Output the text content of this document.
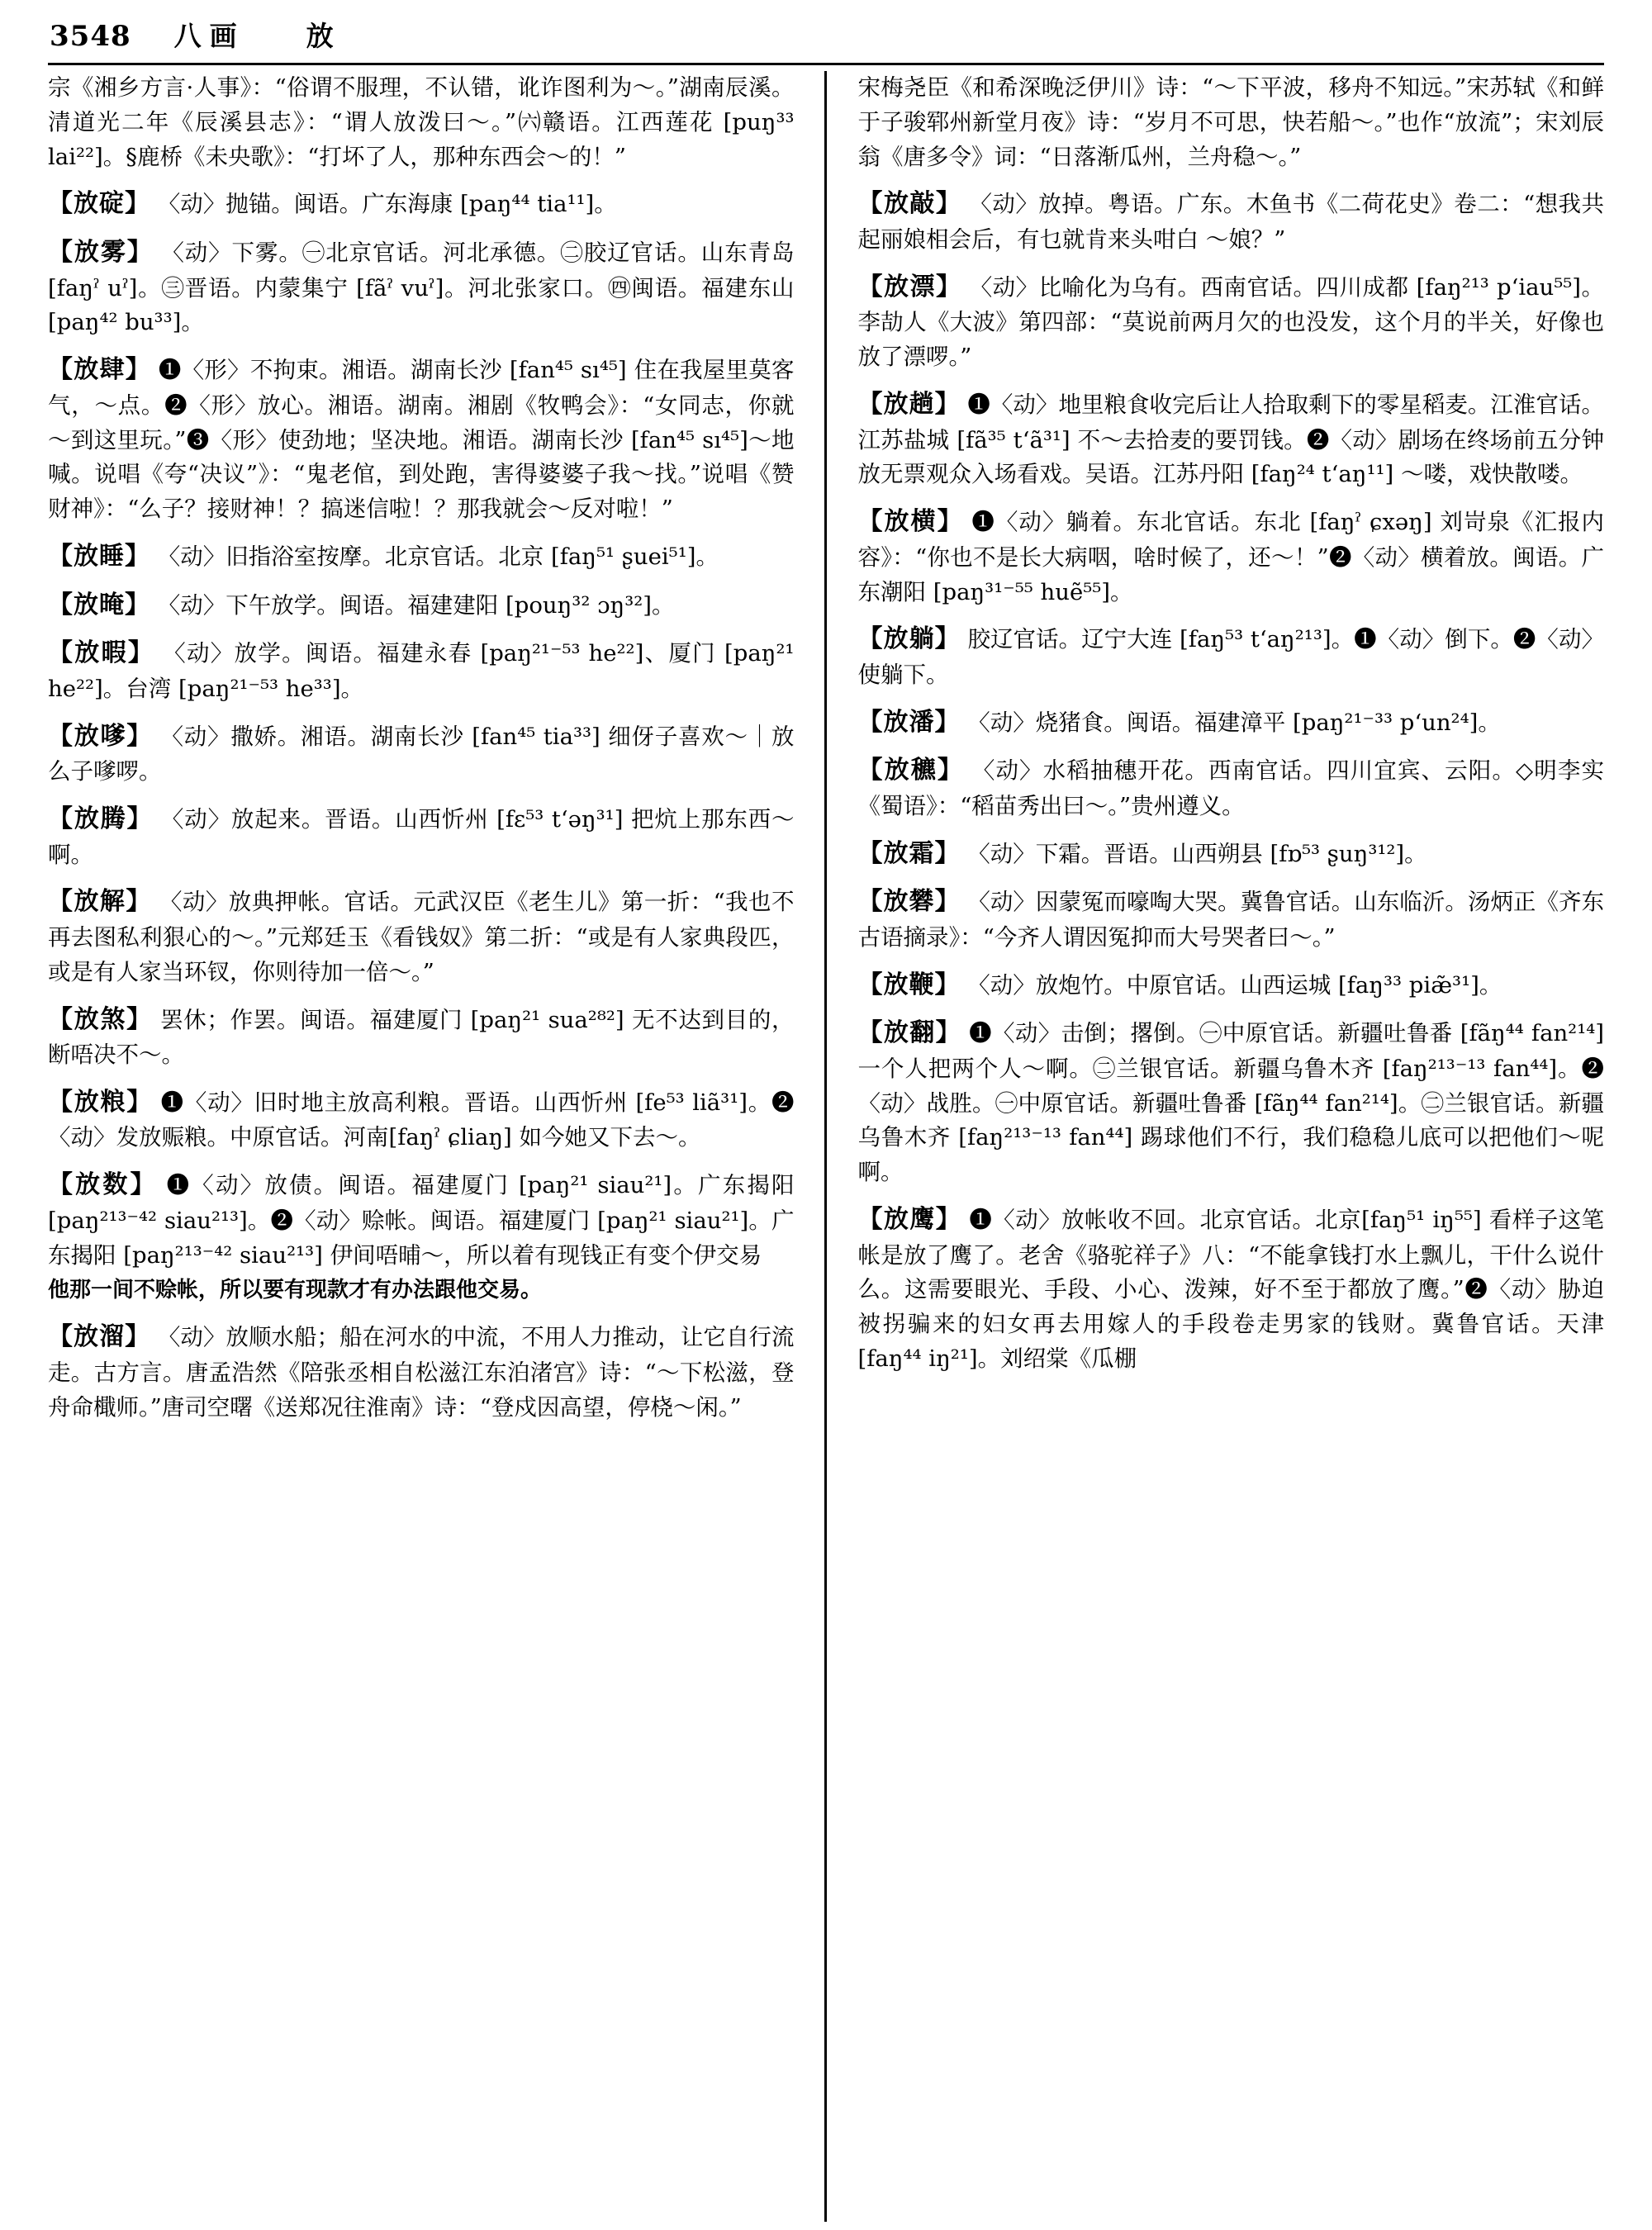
3548 八画 放

宗《湘乡方言·人事》：“俗谓不服理，不认错，讹诈图利为～。”湖南辰溪。清道光二年《辰溪县志》：“谓人放泼曰～。”㈥赣语。江西莲花 [puŋ³³ lai²²]。§鹿桥《未央歌》：“打坏了人，那种东西会～的！”

【放碇】 〈动〉抛锚。闽语。广东海康 [paŋ⁴⁴ tia¹¹]。

【放雾】 〈动〉下雾。㊀北京官话。河北承德。㊁胶辽官话。山东青岛 [faŋˀ uˀ]。㊂晋语。内蒙集宁 [fãˀ vuˀ]。河北张家口。㊃闽语。福建东山 [paŋ⁴² bu³³]。

【放肆】 ❶〈形〉不拘束。湘语。湖南长沙 [fan⁴⁵ sı⁴⁵] 住在我屋里莫客气，～点。❷〈形〉放心。湘语。湖南。湘剧《牧鸭会》：“女同志，你就～到这里玩。”❸〈形〉使劲地；坚决地。湘语。湖南长沙 [fan⁴⁵ sı⁴⁵]～地喊。说唱《夸“决议”》：“鬼老倌，到处跑，害得婆婆子我～找。”说唱《赞财神》：“么子？接财神！？搞迷信啦！？那我就会～反对啦！”

【放睡】 〈动〉旧指浴室按摩。北京官话。北京 [faŋ⁵¹ ʂuei⁵¹]。

【放晻】 〈动〉下午放学。闽语。福建建阳 [pouŋ³² ɔŋ³²]。

【放暇】 〈动〉放学。闽语。福建永春 [paŋ²¹⁻⁵³ he²²]、厦门 [paŋ²¹ he²²]。台湾 [paŋ²¹⁻⁵³ he³³]。

【放嗲】 〈动〉撒娇。湘语。湖南长沙 [fan⁴⁵ tia³³] 细伢子喜欢～｜放么子嗲啰。

【放腾】 〈动〉放起来。晋语。山西忻州 [fɛ⁵³ tʻəŋ³¹] 把炕上那东西～啊。

【放解】 〈动〉放典押帐。官话。元武汉臣《老生儿》第一折：“我也不再去图私利狠心的～。”元郑廷玉《看钱奴》第二折：“或是有人家典段匹，或是有人家当环钗，你则待加一倍～。”

【放煞】 罢休；作罢。闽语。福建厦门 [paŋ²¹ sua²⁸²] 无不达到目的，断唔决不～。

【放粮】 ❶〈动〉旧时地主放高利粮。晋语。山西忻州 [fe⁵³ liã³¹]。❷〈动〉发放赈粮。中原官话。河南[faŋˀ ɕliaŋ] 如今她又下去～。

【放数】 ❶〈动〉放债。闽语。福建厦门 [paŋ²¹ siau²¹]。广东揭阳 [paŋ²¹³⁻⁴² siau²¹³]。❷〈动〉赊帐。闽语。福建厦门 [paŋ²¹ siau²¹]。广东揭阳 [paŋ²¹³⁻⁴² siau²¹³] 伊间唔晡～，所以着有现钱正有变个伊交易
他那一间不赊帐，所以要有现款才有办法跟他交易。

【放溜】 〈动〉放顺水船；船在河水的中流，不用人力推动，让它自行流走。古方言。唐孟浩然《陪张丞相自松滋江东泊渚宫》诗：“～下松滋，登舟命檝师。”唐司空曙《送郑况往淮南》诗：“登戍因高望，停桡～闲。”

宋梅尧臣《和希深晚泛伊川》诗：“～下平波，移舟不知远。”宋苏轼《和鲜于子骏郓州新堂月夜》诗：“岁月不可思，快若船～。”也作“放流”；宋刘辰翁《唐多令》词：“日落渐瓜州，兰舟稳～。”

【放敲】 〈动〉放掉。粤语。广东。木鱼书《二荷花史》卷二：“想我共起丽娘相会后，有乜就肯来头咁白 ～娘？”

【放漂】 〈动〉比喻化为乌有。西南官话。四川成都 [faŋ²¹³ pʻiau⁵⁵]。李劼人《大波》第四部：“莫说前两月欠的也没发，这个月的半关，好像也放了漂啰。”

【放趟】 ❶〈动〉地里粮食收完后让人拾取剩下的零星稻麦。江淮官话。江苏盐城 [fã³⁵ tʻã³¹] 不～去拾麦的要罚钱。❷〈动〉剧场在终场前五分钟放无票观众入场看戏。吴语。江苏丹阳 [faŋ²⁴ tʻaŋ¹¹] ～喽，戏快散喽。

【放横】 ❶〈动〉躺着。东北官话。东北 [faŋˀ ɕxəŋ] 刘岢泉《汇报内容》：“你也不是长大病咽，啥时候了，还～！”❷〈动〉横着放。闽语。广东潮阳 [paŋ³¹⁻⁵⁵ huẽ⁵⁵]。

【放躺】 胶辽官话。辽宁大连 [faŋ⁵³ tʻaŋ²¹³]。❶〈动〉倒下。❷〈动〉使躺下。

【放潘】 〈动〉烧猪食。闽语。福建漳平 [paŋ²¹⁻³³ pʻun²⁴]。

【放穮】 〈动〉水稻抽穗开花。西南官话。四川宜宾、云阳。◇明李实《蜀语》：“稻苗秀出曰～。”贵州遵义。

【放霜】 〈动〉下霜。晋语。山西朔县 [fɒ⁵³ ʂuŋ³¹²]。

【放礬】 〈动〉因蒙冤而嚎啕大哭。冀鲁官话。山东临沂。汤炳正《齐东古语摘录》：“今齐人谓因冤抑而大号哭者曰～。”

【放鞭】 〈动〉放炮竹。中原官话。山西运城 [faŋ³³ piæ̃³¹]。

【放翻】 ❶〈动〉击倒；撂倒。㊀中原官话。新疆吐鲁番 [fãŋ⁴⁴ fan²¹⁴] 一个人把两个人～啊。㊁兰银官话。新疆乌鲁木齐 [faŋ²¹³⁻¹³ fan⁴⁴]。❷〈动〉战胜。㊀中原官话。新疆吐鲁番 [fãŋ⁴⁴ fan²¹⁴]。㊁兰银官话。新疆乌鲁木齐 [faŋ²¹³⁻¹³ fan⁴⁴] 踢球他们不行，我们稳稳儿底可以把他们～呢啊。

【放鹰】 ❶〈动〉放帐收不回。北京官话。北京[faŋ⁵¹ iŋ⁵⁵] 看样子这笔帐是放了鹰了。老舍《骆驼祥子》八：“不能拿钱打水上飘儿，干什么说什么。这需要眼光、手段、小心、泼辣，好不至于都放了鹰。”❷〈动〉胁迫被拐骗来的妇女再去用嫁人的手段卷走男家的钱财。冀鲁官话。天津 [faŋ⁴⁴ iŋ²¹]。刘绍棠《瓜棚
